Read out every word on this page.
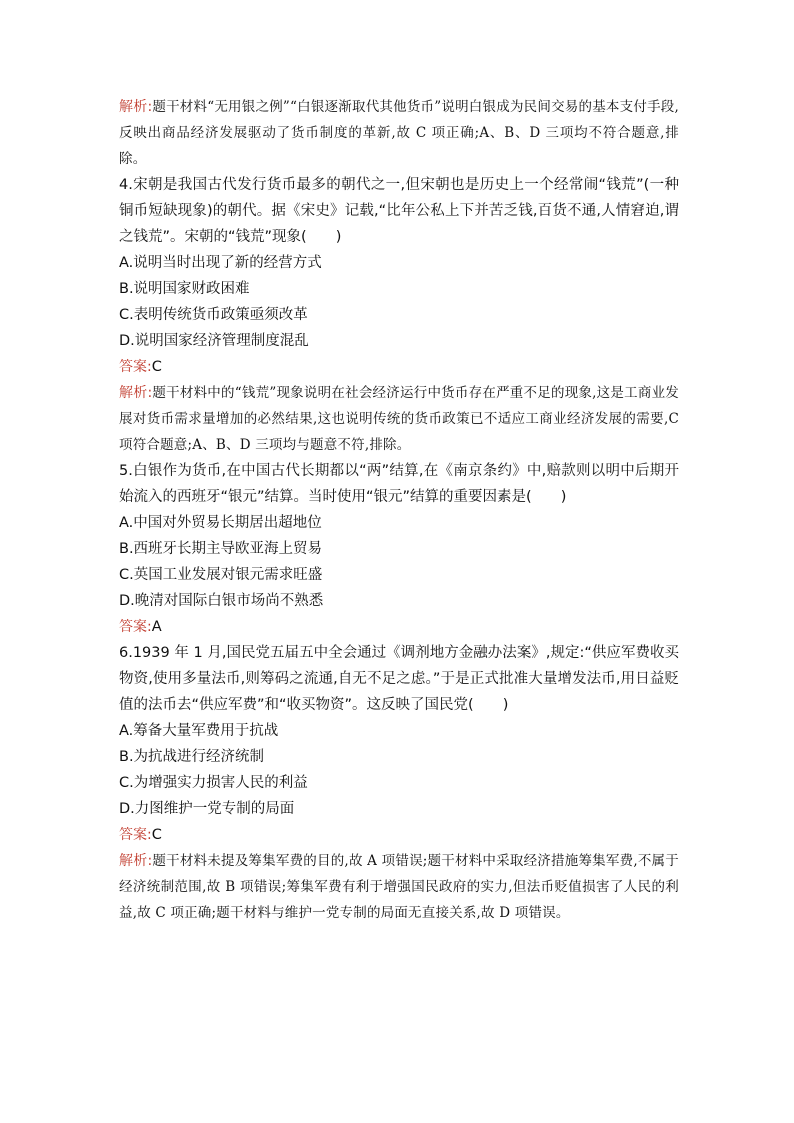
解析:题干材料“无用银之例”“白银逐渐取代其他货币”说明白银成为民间交易的基本支付手段,反映出商品经济发展驱动了货币制度的革新,故 C 项正确;A、B、D 三项均不符合题意,排除。

4.宋朝是我国古代发行货币最多的朝代之一,但宋朝也是历史上一个经常闹“钱荒”(一种铜币短缺现象)的朝代。据《宋史》记载,“比年公私上下并苦乏钱,百货不通,人情窘迫,谓之钱荒”。宋朝的“钱荒”现象(　　)

A.说明当时出现了新的经营方式

B.说明国家财政困难

C.表明传统货币政策亟须改革

D.说明国家经济管理制度混乱

答案:C

解析:题干材料中的“钱荒”现象说明在社会经济运行中货币存在严重不足的现象,这是工商业发展对货币需求量增加的必然结果,这也说明传统的货币政策已不适应工商业经济发展的需要,C 项符合题意;A、B、D 三项均与题意不符,排除。

5.白银作为货币,在中国古代长期都以“两”结算,在《南京条约》中,赔款则以明中后期开始流入的西班牙“银元”结算。当时使用“银元”结算的重要因素是(　　)

A.中国对外贸易长期居出超地位

B.西班牙长期主导欧亚海上贸易

C.英国工业发展对银元需求旺盛

D.晚清对国际白银市场尚不熟悉

答案:A

6.1939 年 1 月,国民党五届五中全会通过《调剂地方金融办法案》,规定:“供应军费收买物资,使用多量法币,则筹码之流通,自无不足之虑。”于是正式批准大量增发法币,用日益贬值的法币去“供应军费”和“收买物资”。这反映了国民党(　　)

A.筹备大量军费用于抗战

B.为抗战进行经济统制

C.为增强实力损害人民的利益

D.力图维护一党专制的局面

答案:C

解析:题干材料未提及筹集军费的目的,故 A 项错误;题干材料中采取经济措施筹集军费,不属于经济统制范围,故 B 项错误;筹集军费有利于增强国民政府的实力,但法币贬值损害了人民的利益,故 C 项正确;题干材料与维护一党专制的局面无直接关系,故 D 项错误。
